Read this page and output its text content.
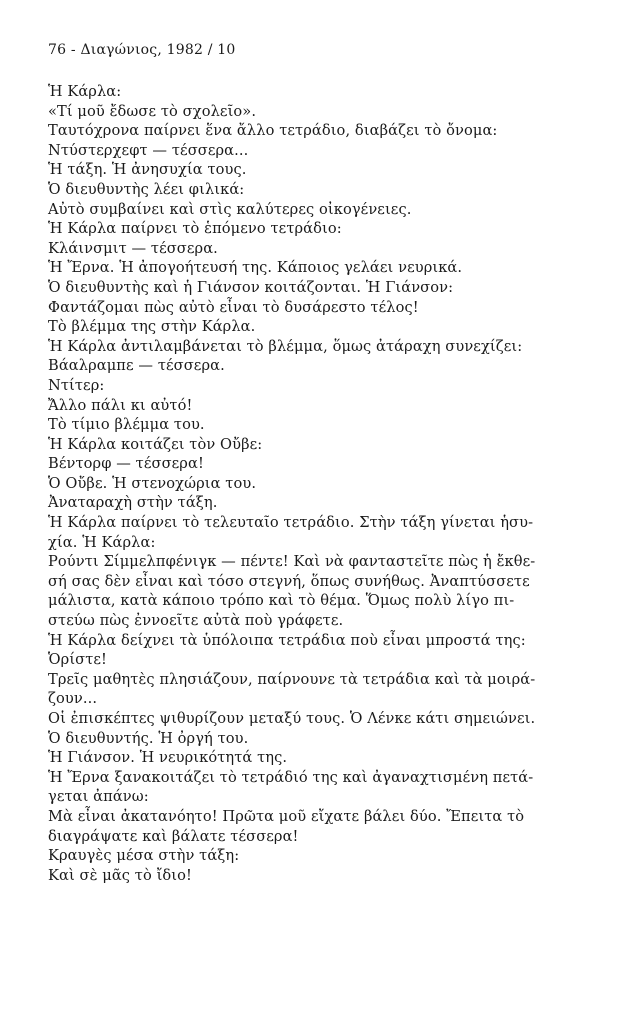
76 - Διαγώνιος, 1982 / 10
Ἡ Κάρλα:
«Τί μοῦ ἔδωσε τὸ σχολεῖο».
Ταυτόχρονα παίρνει ἕνα ἄλλο τετράδιο, διαβάζει τὸ ὄνομα:
Ντύστερχεφτ — τέσσερα...
Ἡ τάξη. Ἡ ἀνησυχία τους.
Ὁ διευθυντὴς λέει φιλικά:
Αὐτὸ συμβαίνει καὶ στὶς καλύτερες οἰκογένειες.
Ἡ Κάρλα παίρνει τὸ ἑπόμενο τετράδιο:
Κλάινσμιτ — τέσσερα.
Ἡ Ἔρνα. Ἡ ἀπογοήτευσή της. Κάποιος γελάει νευρικά.
Ὁ διευθυντὴς καὶ ἡ Γιάνσον κοιτάζονται. Ἡ Γιάνσον:
Φαντάζομαι πὼς αὐτὸ εἶναι τὸ δυσάρεστο τέλος!
Τὸ βλέμμα της στὴν Κάρλα.
Ἡ Κάρλα ἀντιλαμβάνεται τὸ βλέμμα, ὅμως ἀτάραχη συνεχίζει:
Βάαλραμπε — τέσσερα.
Ντίτερ:
Ἄλλο πάλι κι αὐτό!
Τὸ τίμιο βλέμμα του.
Ἡ Κάρλα κοιτάζει τὸν Οὔβε:
Βέντορφ — τέσσερα!
Ὁ Οὔβε. Ἡ στενοχώρια του.
Ἀναταραχὴ στὴν τάξη.
Ἡ Κάρλα παίρνει τὸ τελευταῖο τετράδιο. Στὴν τάξη γίνεται ἡσυ-
χία. Ἡ Κάρλα:
Ρούντι Σίμμελπφένιγκ — πέντε! Καὶ νὰ φανταστεῖτε πὼς ἡ ἔκθε-
σή σας δὲν εἶναι καὶ τόσο στεγνή, ὅπως συνήθως. Ἀναπτύσσετε
μάλιστα, κατὰ κάποιο τρόπο καὶ τὸ θέμα. Ὅμως πολὺ λίγο πι-
στεύω πὼς ἐννοεῖτε αὐτὰ ποὺ γράφετε.
Ἡ Κάρλα δείχνει τὰ ὑπόλοιπα τετράδια ποὺ εἶναι μπροστά της:
Ὁρίστε!
Τρεῖς μαθητὲς πλησιάζουν, παίρνουνε τὰ τετράδια καὶ τὰ μοιρά-
ζουν...
Οἱ ἐπισκέπτες ψιθυρίζουν μεταξύ τους. Ὁ Λένκε κάτι σημειώνει.
Ὁ διευθυντής. Ἡ ὀργή του.
Ἡ Γιάνσον. Ἡ νευρικότητά της.
Ἡ Ἔρνα ξανακοιτάζει τὸ τετράδιό της καὶ ἀγαναχτισμένη πετά-
γεται ἀπάνω:
Μὰ εἶναι ἀκατανόητο! Πρῶτα μοῦ εἴχατε βάλει δύο. Ἔπειτα τὸ
διαγράψατε καὶ βάλατε τέσσερα!
Κραυγὲς μέσα στὴν τάξη:
Καὶ σὲ μᾶς τὸ ἴδιο!
